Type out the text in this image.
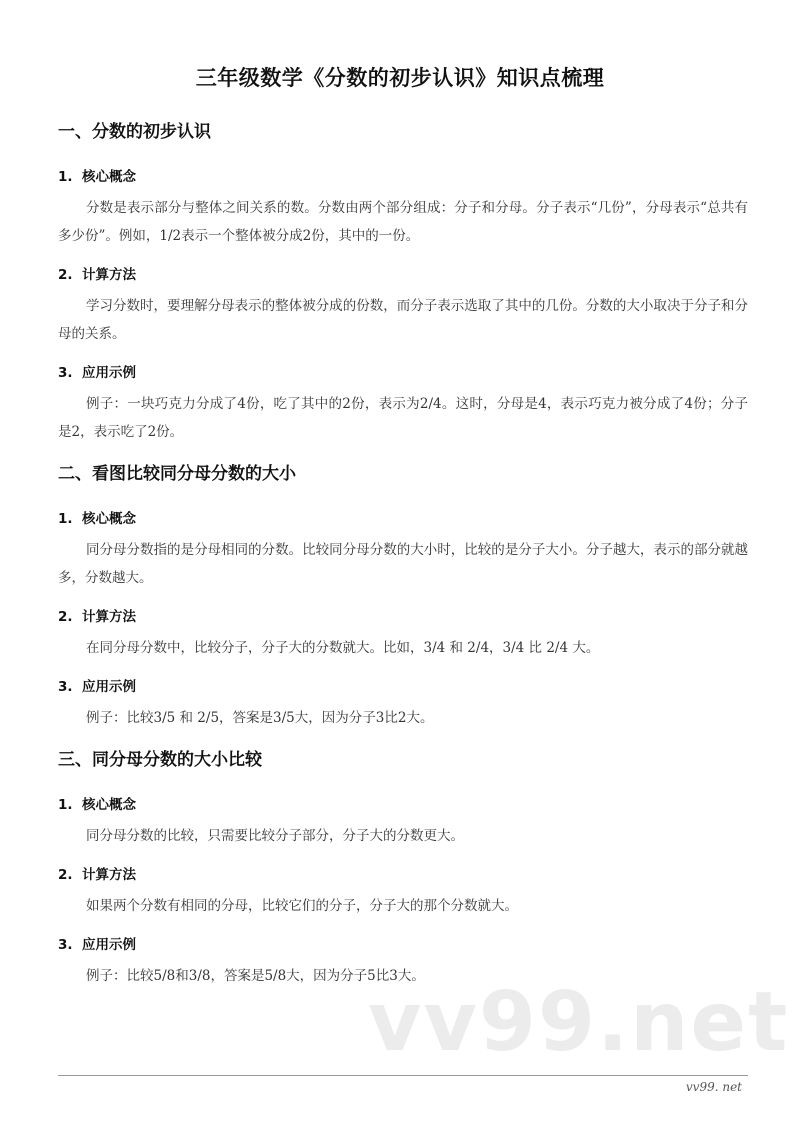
三年级数学《分数的初步认识》知识点梳理
一、分数的初步认识
1. 核心概念

分数是表示部分与整体之间关系的数。分数由两个部分组成：分子和分母。分子表示“几份”，分母表示“总共有多少份”。例如，1/2表示一个整体被分成2份，其中的一份。

2. 计算方法

学习分数时，要理解分母表示的整体被分成的份数，而分子表示选取了其中的几份。分数的大小取决于分子和分母的关系。

3. 应用示例

例子：一块巧克力分成了4份，吃了其中的2份，表示为2/4。这时，分母是4，表示巧克力被分成了4份；分子是2，表示吃了2份。

二、看图比较同分母分数的大小
1. 核心概念

同分母分数指的是分母相同的分数。比较同分母分数的大小时，比较的是分子大小。分子越大，表示的部分就越多，分数越大。

2. 计算方法

在同分母分数中，比较分子，分子大的分数就大。比如，3/4 和 2/4，3/4 比 2/4 大。

3. 应用示例

例子：比较3/5 和 2/5，答案是3/5大，因为分子3比2大。

三、同分母分数的大小比较
1. 核心概念

同分母分数的比较，只需要比较分子部分，分子大的分数更大。

2. 计算方法

如果两个分数有相同的分母，比较它们的分子，分子大的那个分数就大。

3. 应用示例

例子：比较5/8和3/8，答案是5/8大，因为分子5比3大。

vv99.net
vv99. net
